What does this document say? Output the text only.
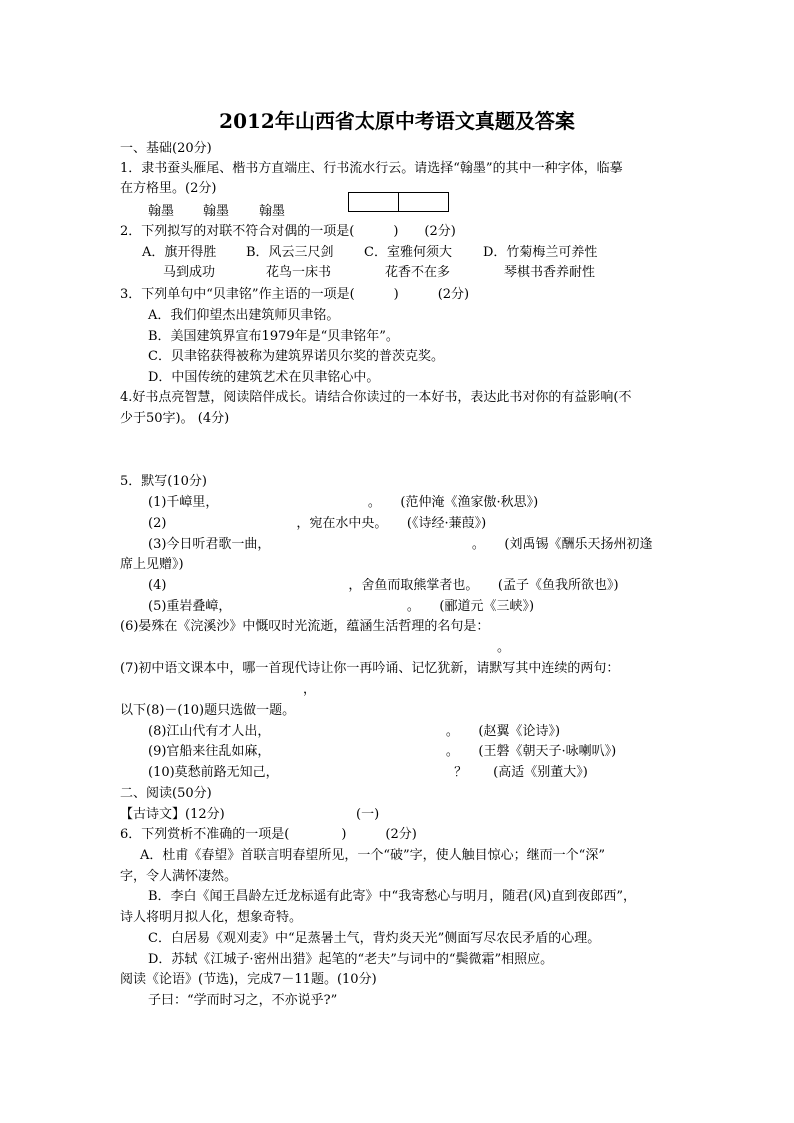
2012年山西省太原中考语文真题及答案
一、基础(20分)
1．隶书蚕头雁尾、楷书方直端庄、行书流水行云。请选择“翰墨”的其中一种字体，临摹
在方格里。(2分)
翰墨 翰墨 翰墨
2．下列拟写的对联不符合对偶的一项是(　　　)　　(2分)
A．旗开得胜 B．风云三尺剑 C．室雅何须大 D．竹菊梅兰可养性
马到成功	花鸟一床书	花香不在多	琴棋书香养耐性
3．下列单句中“贝聿铭”作主语的一项是(　　　)　　　(2分)
A．我们仰望杰出建筑师贝聿铭。
B．美国建筑界宣布1979年是“贝聿铭年”。
C．贝聿铭获得被称为建筑界诺贝尔奖的普茨克奖。
D．中国传统的建筑艺术在贝聿铭心中。
4.好书点亮智慧，阅读陪伴成长。请结合你读过的一本好书，表达此书对你的有益影响(不
少于50字)。 (4分)
5．默写(10分)
(1)千嶂里，　　　　　　　　　　　　。　　(范仲淹《渔家傲·秋思》)
(2)　　　　　　　　　　，宛在水中央。　　(《诗经·蒹葭》)
(3)今日听君歌一曲，　　　　　　　　　　　　　　　　。　　(刘禹锡《酬乐天扬州初逢
席上见赠》)
(4)　　　　　　　　　　　　　　，舍鱼而取熊掌者也。　　(孟子《鱼我所欲也》)
(5)重岩叠嶂，　　　　　　　　　　　　　　。　　(郦道元《三峡》)
(6)晏殊在《浣溪沙》中慨叹时光流逝，蕴涵生活哲理的名句是：
。
(7)初中语文课本中，哪一首现代诗让你一再吟诵、记忆犹新，请默写其中连续的两句：
，
以下(8)－(10)题只选做一题。
(8)江山代有才人出，　　　　　　　　　　　　　　。　　(赵翼《论诗》)
(9)官船来往乱如麻，　　　　　　　　　　　　　　。　　(王磐《朝天子·咏喇叭》)
(10)莫愁前路无知己，　　　　　　　　　　　　　　？　　(高适《别董大》)
二、阅读(50分)
【古诗文】(12分)	(一)
6．下列赏析不准确的一项是(　　　　)　　　(2分)
A．杜甫《春望》首联言明春望所见，一个“破”字，使人触目惊心；继而一个“深”
字，令人满怀凄然。
B．李白《闻王昌龄左迁龙标遥有此寄》中“我寄愁心与明月，随君(风)直到夜郎西”，
诗人将明月拟人化，想象奇特。
C．白居易《观刈麦》中“足蒸暑土气，背灼炎天光”侧面写尽农民矛盾的心理。
D．苏轼《江城子·密州出猎》起笔的“老夫”与词中的“鬓微霜”相照应。
阅读《论语》(节选)，完成7－11题。(10分)
子曰：“学而时习之，不亦说乎?”
